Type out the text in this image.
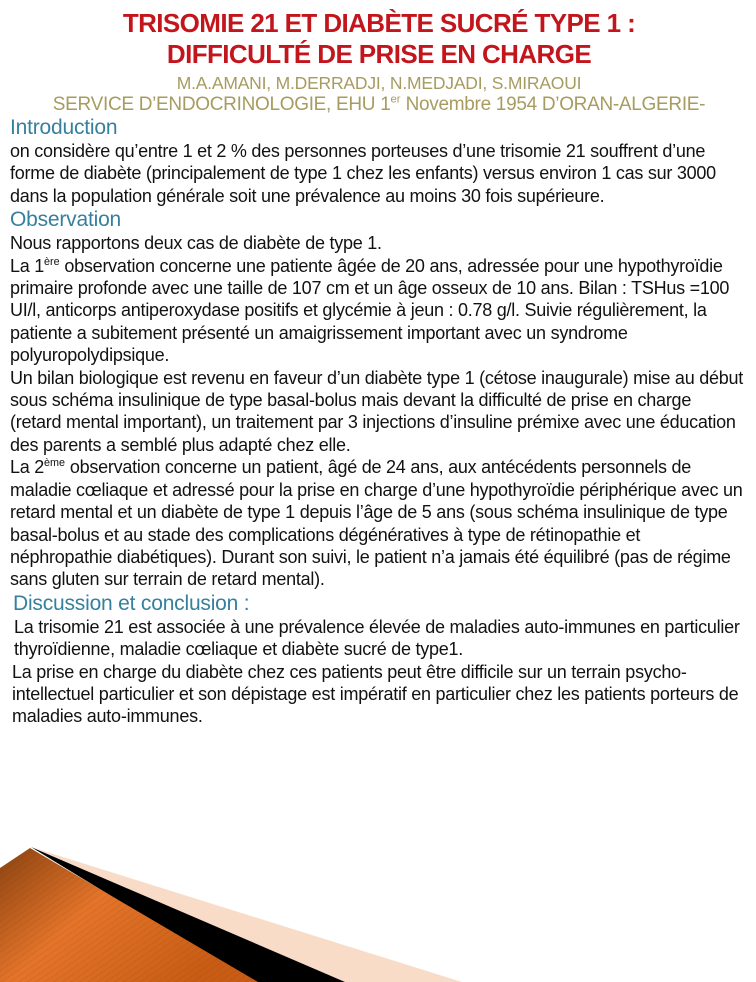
TRISOMIE 21 ET DIABÈTE SUCRÉ TYPE 1 :
DIFFICULTÉ DE PRISE EN CHARGE
M.A.AMANI, M.DERRADJI, N.MEDJADI, S.MIRAOUI
SERVICE D’ENDOCRINOLOGIE, EHU 1er Novembre 1954 D’ORAN-ALGERIE-
Introduction

on considère qu’entre 1 et 2 % des personnes porteuses d’une trisomie 21 souffrent d’une forme de diabète (principalement de type 1 chez les enfants) versus environ 1 cas sur 3000 dans la population générale soit une prévalence au moins 30 fois supérieure.

Observation

Nous rapportons deux cas de diabète de type 1.

La 1ère observation concerne une patiente âgée de 20 ans, adressée pour une hypothyroïdie primaire profonde avec une taille de 107 cm et un âge osseux de 10 ans. Bilan : TSHus =100 UI/l, anticorps antiperoxydase positifs et glycémie à jeun : 0.78 g/l. Suivie régulièrement, la patiente a subitement présenté un amaigrissement important avec un syndrome polyuropolydipsique.

Un bilan biologique est revenu en faveur d’un diabète type 1 (cétose inaugurale) mise au début sous schéma insulinique de type basal-bolus mais devant la difficulté de prise en charge (retard mental important), un traitement par 3 injections d’insuline prémixe avec une éducation des parents a semblé plus adapté chez elle.

La 2ème observation concerne un patient, âgé de 24 ans, aux antécédents personnels de maladie cœliaque et adressé pour la prise en charge d’une hypothyroïdie périphérique avec un retard mental et un diabète de type 1 depuis l’âge de 5 ans (sous schéma insulinique de type basal-bolus et au stade des complications dégénératives à type de rétinopathie et néphropathie diabétiques). Durant son suivi, le patient n’a jamais été équilibré (pas de régime sans gluten sur terrain de retard mental).

Discussion et conclusion :

La trisomie 21 est associée à une prévalence élevée de maladies auto-immunes en particulier thyroïdienne, maladie cœliaque et diabète sucré de type1.

La prise en charge du diabète chez ces patients peut être difficile sur un terrain psycho-intellectuel particulier et son dépistage est impératif en particulier chez les patients porteurs de maladies auto-immunes.
